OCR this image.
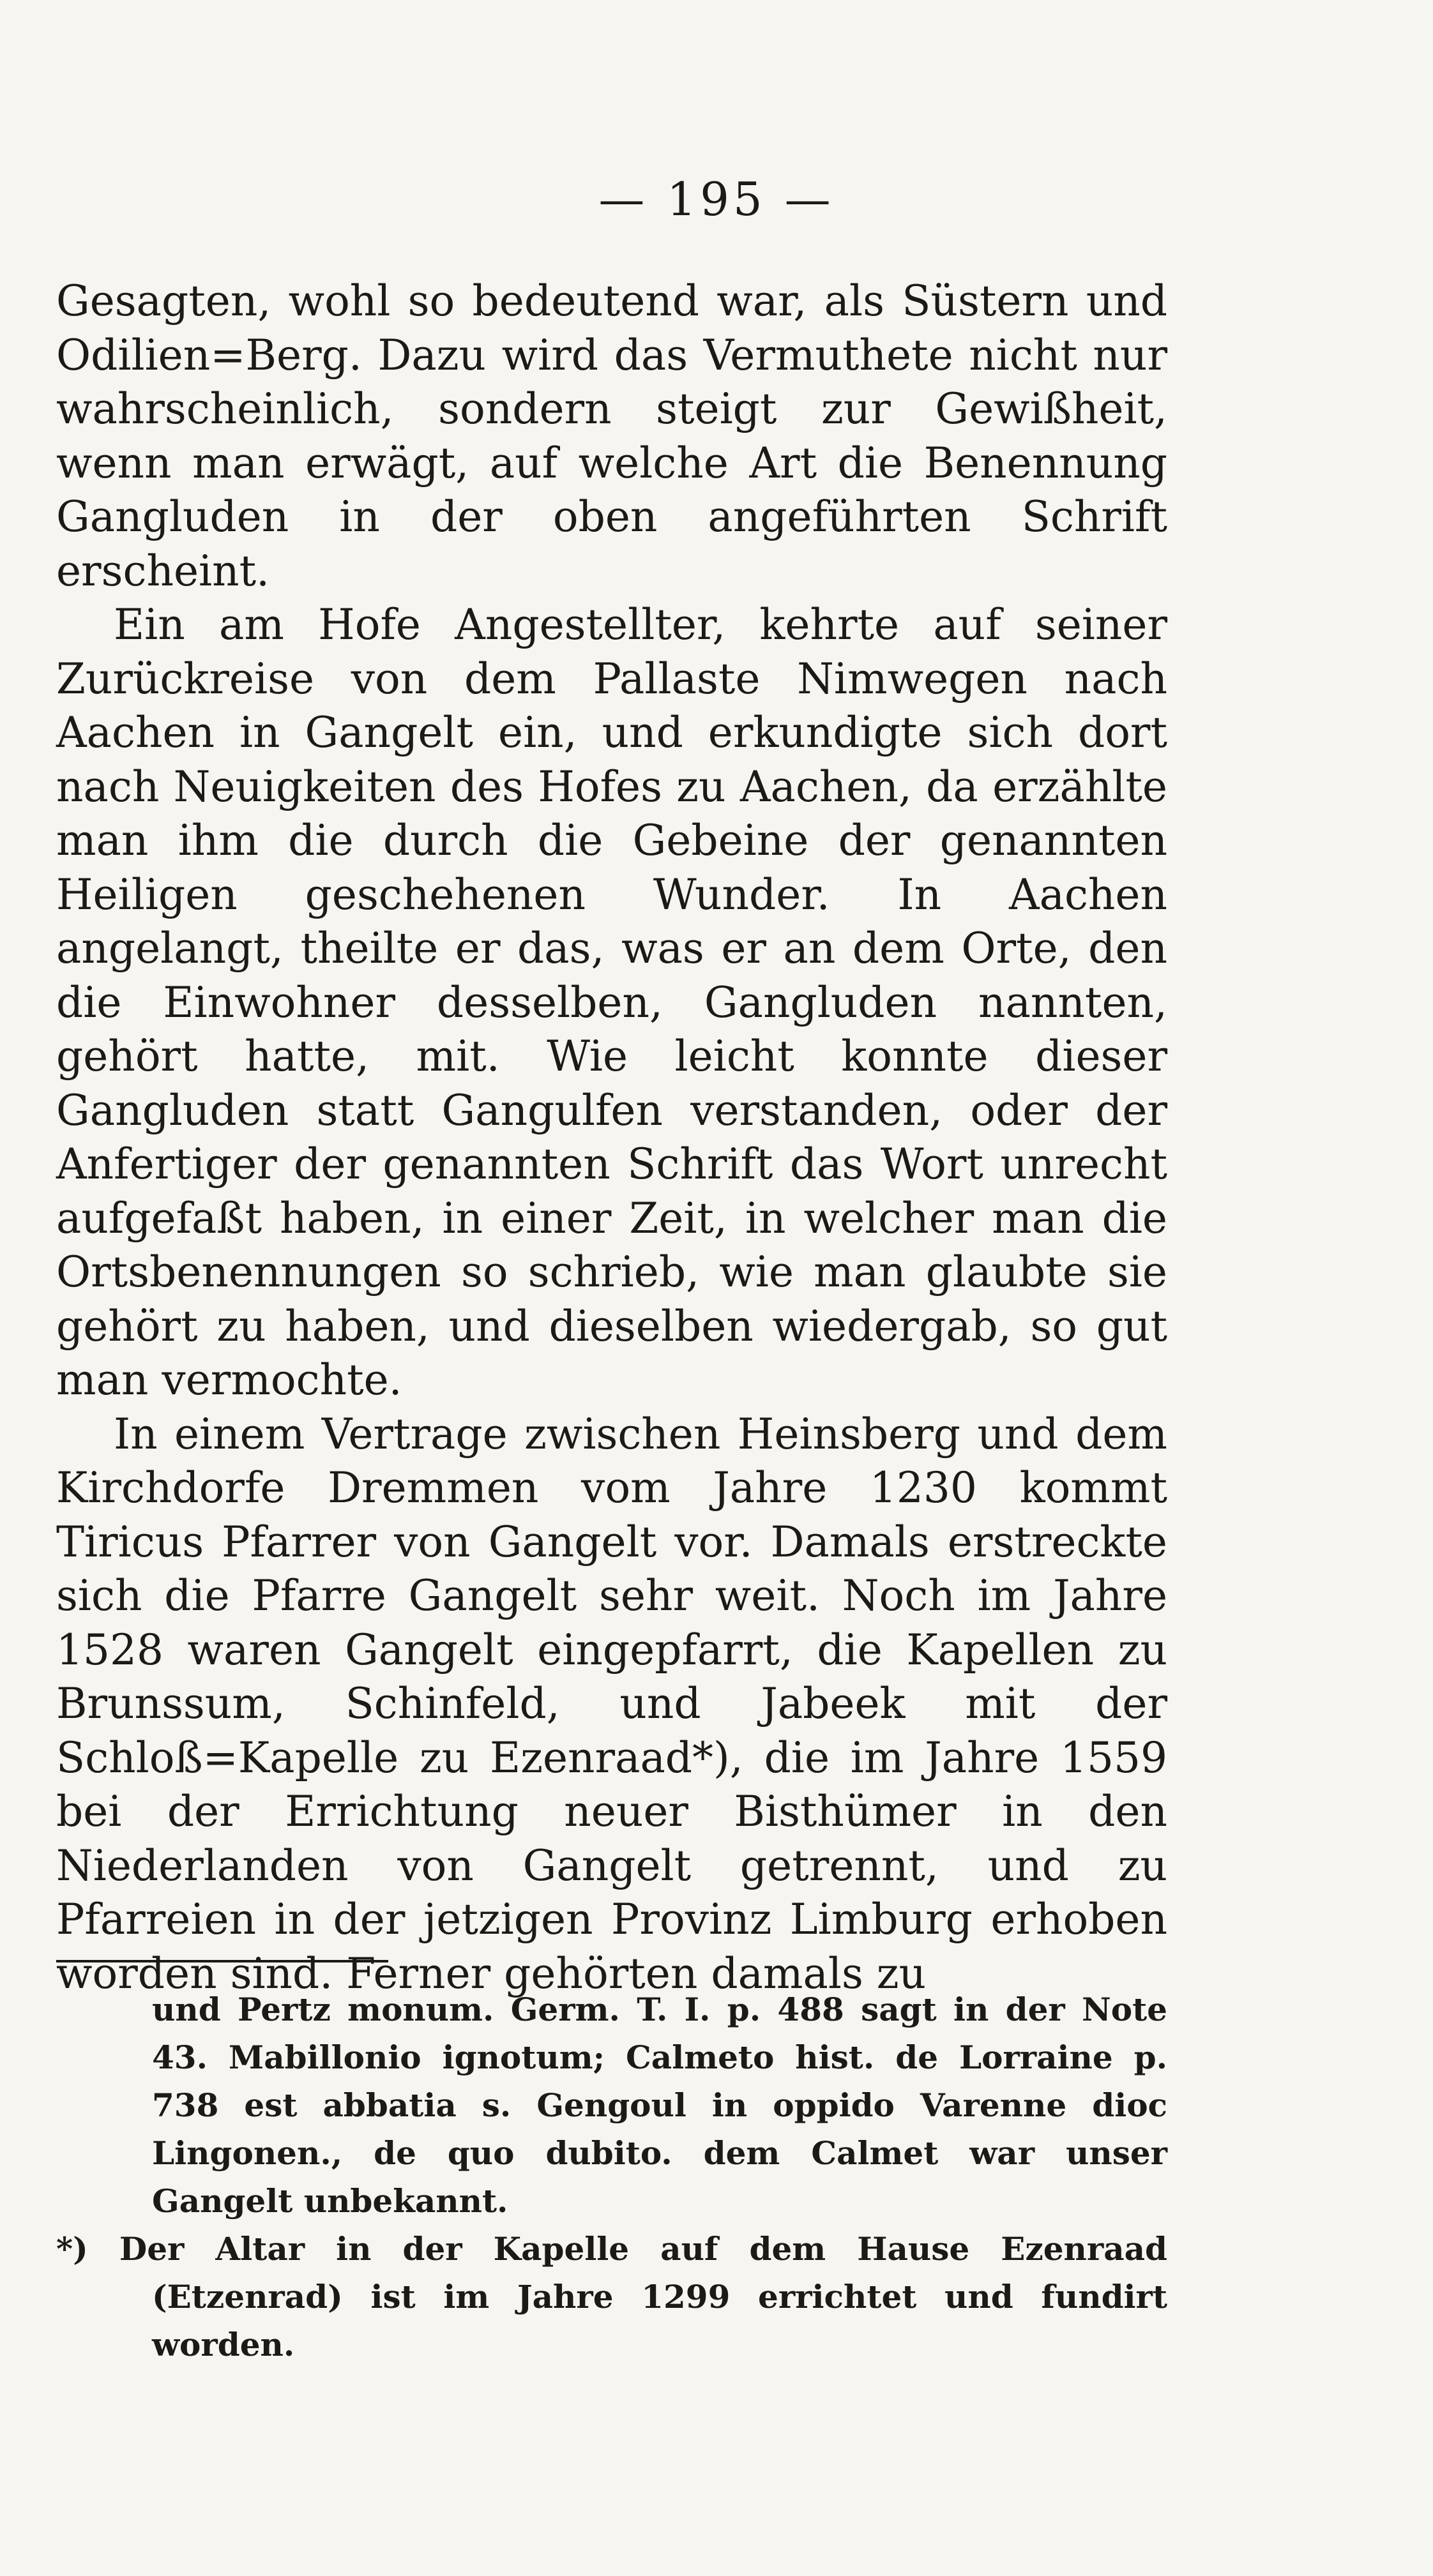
— 195 —

Gesagten, wohl so bedeutend war, als Süstern und Odilien=Berg. Dazu wird das Vermuthete nicht nur wahrscheinlich, sondern steigt zur Gewißheit, wenn man erwägt, auf welche Art die Benennung Gangluden in der oben angeführten Schrift erscheint.

Ein am Hofe Angestellter, kehrte auf seiner Zurückreise von dem Pallaste Nimwegen nach Aachen in Gangelt ein, und erkundigte sich dort nach Neuigkeiten des Hofes zu Aachen, da erzählte man ihm die durch die Gebeine der genannten Heiligen geschehenen Wunder. In Aachen angelangt, theilte er das, was er an dem Orte, den die Einwohner desselben, Gangluden nannten, gehört hatte, mit. Wie leicht konnte dieser Gangluden statt Gangulfen verstanden, oder der Anfertiger der genannten Schrift das Wort unrecht aufgefaßt haben, in einer Zeit, in welcher man die Ortsbenennungen so schrieb, wie man glaubte sie gehört zu haben, und dieselben wiedergab, so gut man vermochte.

In einem Vertrage zwischen Heinsberg und dem Kirchdorfe Dremmen vom Jahre 1230 kommt Tiricus Pfarrer von Gangelt vor. Damals erstreckte sich die Pfarre Gangelt sehr weit. Noch im Jahre 1528 waren Gangelt eingepfarrt, die Kapellen zu Brunssum, Schinfeld, und Jabeek mit der Schloß=Kapelle zu Ezenraad*), die im Jahre 1559 bei der Errichtung neuer Bisthümer in den Niederlanden von Gangelt getrennt, und zu Pfarreien in der jetzigen Provinz Limburg erhoben worden sind. Ferner gehörten damals zu

und Pertz monum. Germ. T. I. p. 488 sagt in der Note 43. Mabillonio ignotum; Calmeto hist. de Lorraine p. 738 est abbatia s. Gengoul in oppido Varenne dioc Lingonen., de quo dubito. dem Calmet war unser Gangelt unbekannt.

*) Der Altar in der Kapelle auf dem Hause Ezenraad (Etzenrad) ist im Jahre 1299 errichtet und fundirt worden.
